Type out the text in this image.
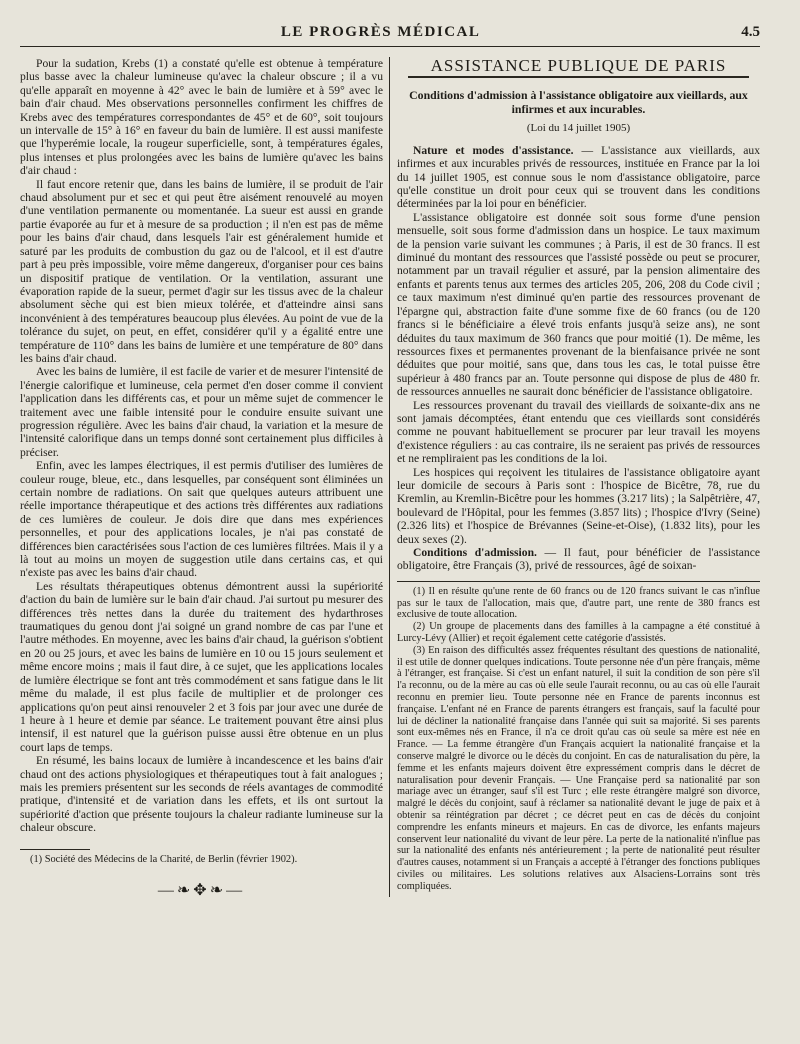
LE PROGRÈS MÉDICAL	4.5

Pour la sudation, Krebs (1) a constaté qu'elle est obtenue à température plus basse avec la chaleur lumineuse qu'avec la chaleur obscure ; il a vu qu'elle apparaît en moyenne à 42° avec le bain de lumière et à 59° avec le bain d'air chaud. Mes observations personnelles confirment les chiffres de Krebs avec des températures correspondantes de 45° et de 60°, soit toujours un intervalle de 15° à 16° en faveur du bain de lumière. Il est aussi manifeste que l'hyperémie locale, la rougeur superficielle, sont, à températures égales, plus intenses et plus prolongées avec les bains de lumière qu'avec les bains d'air chaud :

Il faut encore retenir que, dans les bains de lumière, il se produit de l'air chaud absolument pur et sec et qui peut être aisément renouvelé au moyen d'une ventilation permanente ou momentanée. La sueur est aussi en grande partie évaporée au fur et à mesure de sa production ; il n'en est pas de même pour les bains d'air chaud, dans lesquels l'air est généralement humide et saturé par les produits de combustion du gaz ou de l'alcool, et il est d'autre part à peu près impossible, voire même dangereux, d'organiser pour ces bains un dispositif pratique de ventilation. Or la ventilation, assurant une évaporation rapide de la sueur, permet d'agir sur les tissus avec de la chaleur absolument sèche qui est bien mieux tolérée, et d'atteindre ainsi sans inconvénient à des températures beaucoup plus élevées. Au point de vue de la tolérance du sujet, on peut, en effet, considérer qu'il y a égalité entre une température de 110° dans les bains de lumière et une température de 80° dans les bains d'air chaud.

Avec les bains de lumière, il est facile de varier et de mesurer l'intensité de l'énergie calorifique et lumineuse, cela permet d'en doser comme il convient l'application dans les différents cas, et pour un même sujet de commencer le traitement avec une faible intensité pour le conduire ensuite suivant une progression régulière. Avec les bains d'air chaud, la variation et la mesure de l'intensité calorifique dans un temps donné sont certainement plus difficiles à préciser.

Enfin, avec les lampes électriques, il est permis d'utiliser des lumières de couleur rouge, bleue, etc., dans lesquelles, par conséquent sont éliminées un certain nombre de radiations. On sait que quelques auteurs attribuent une réelle importance thérapeutique et des actions très différentes aux radiations de ces lumières de couleur. Je dois dire que dans mes expériences personnelles, et pour des applications locales, je n'ai pas constaté de différences bien caractérisées sous l'action de ces lumières filtrées. Mais il y a là tout au moins un moyen de suggestion utile dans certains cas, et qui n'existe pas avec les bains d'air chaud.

Les résultats thérapeutiques obtenus démontrent aussi la supériorité d'action du bain de lumière sur le bain d'air chaud. J'ai surtout pu mesurer des différences très nettes dans la durée du traitement des hydarthroses traumatiques du genou dont j'ai soigné un grand nombre de cas par l'une et l'autre méthodes. En moyenne, avec les bains d'air chaud, la guérison s'obtient en 20 ou 25 jours, et avec les bains de lumière en 10 ou 15 jours seulement et même encore moins ; mais il faut dire, à ce sujet, que les applications locales de lumière électrique se font ant très commodément et sans fatigue dans le lit même du malade, il est plus facile de multiplier et de prolonger ces applications qu'on peut ainsi renouveler 2 et 3 fois par jour avec une durée de 1 heure à 1 heure et demie par séance. Le traitement pouvant être ainsi plus intensif, il est naturel que la guérison puisse aussi être obtenue en un plus court laps de temps.

En résumé, les bains locaux de lumière à incandescence et les bains d'air chaud ont des actions physiologiques et thérapeutiques tout à fait analogues ; mais les premiers présentent sur les seconds de réels avantages de commodité pratique, d'intensité et de variation dans les effets, et ils ont surtout la supériorité d'action que présente toujours la chaleur radiante lumineuse sur la chaleur obscure.

(1) Société des Médecins de la Charité, de Berlin (février 1902).

—❧✥❧—
ASSISTANCE PUBLIQUE DE PARIS
Conditions d'admission à l'assistance obligatoire aux vieillards, aux infirmes et aux incurables.
(Loi du 14 juillet 1905)

Nature et modes d'assistance. — L'assistance aux vieillards, aux infirmes et aux incurables privés de ressources, instituée en France par la loi du 14 juillet 1905, est connue sous le nom d'assistance obligatoire, parce qu'elle constitue un droit pour ceux qui se trouvent dans les conditions déterminées par la loi pour en bénéficier.

L'assistance obligatoire est donnée soit sous forme d'une pension mensuelle, soit sous forme d'admission dans un hospice. Le taux maximum de la pension varie suivant les communes ; à Paris, il est de 30 francs. Il est diminué du montant des ressources que l'assisté possède ou peut se procurer, notamment par un travail régulier et assuré, par la pension alimentaire des enfants et parents tenus aux termes des articles 205, 206, 208 du Code civil ; ce taux maximum n'est diminué qu'en partie des ressources provenant de l'épargne qui, abstraction faite d'une somme fixe de 60 francs (ou de 120 francs si le bénéficiaire a élevé trois enfants jusqu'à seize ans), ne sont déduites du taux maximum de 360 francs que pour moitié (1). De même, les ressources fixes et permanentes provenant de la bienfaisance privée ne sont déduites que pour moitié, sans que, dans tous les cas, le total puisse être supérieur à 480 francs par an. Toute personne qui dispose de plus de 480 fr. de ressources annuelles ne saurait donc bénéficier de l'assistance obligatoire.

Les ressources provenant du travail des vieillards de soixante-dix ans ne sont jamais décomptées, étant entendu que ces vieillards sont considérés comme ne pouvant habituellement se procurer par leur travail les moyens d'existence réguliers : au cas contraire, ils ne seraient pas privés de ressources et ne rempliraient pas les conditions de la loi.

Les hospices qui reçoivent les titulaires de l'assistance obligatoire ayant leur domicile de secours à Paris sont : l'hospice de Bicêtre, 78, rue du Kremlin, au Kremlin-Bicêtre pour les hommes (3.217 lits) ; la Salpêtrière, 47, boulevard de l'Hôpital, pour les femmes (3.857 lits) ; l'hospice d'Ivry (Seine) (2.326 lits) et l'hospice de Brévannes (Seine-et-Oise), (1.832 lits), pour les deux sexes (2).

Conditions d'admission. — Il faut, pour bénéficier de l'assistance obligatoire, être Français (3), privé de ressources, âgé de soixan-

(1) Il en résulte qu'une rente de 60 francs ou de 120 francs suivant le cas n'influe pas sur le taux de l'allocation, mais que, d'autre part, une rente de 380 francs est exclusive de toute allocation.

(2) Un groupe de placements dans des familles à la campagne a été constitué à Lurcy-Lévy (Allier) et reçoit également cette catégorie d'assistés.

(3) En raison des difficultés assez fréquentes résultant des questions de nationalité, il est utile de donner quelques indications. Toute personne née d'un père français, même à l'étranger, est française. Si c'est un enfant naturel, il suit la condition de son père s'il l'a reconnu, ou de la mère au cas où elle seule l'aurait reconnu, ou au cas où elle l'aurait reconnu en premier lieu. Toute personne née en France de parents inconnus est française. L'enfant né en France de parents étrangers est français, sauf la faculté pour lui de décliner la nationalité française dans l'année qui suit sa majorité. Si ses parents sont eux-mêmes nés en France, il n'a ce droit qu'au cas où seule sa mère est née en France. — La femme étrangère d'un Français acquiert la nationalité française et la conserve malgré le divorce ou le décès du conjoint. En cas de naturalisation du père, la femme et les enfants majeurs doivent être expressément compris dans le décret de naturalisation pour devenir Français. — Une Française perd sa nationalité par son mariage avec un étranger, sauf s'il est Turc ; elle reste étrangère malgré son divorce, malgré le décès du conjoint, sauf à réclamer sa nationalité devant le juge de paix et à obtenir sa réintégration par décret ; ce décret peut en cas de décès du conjoint comprendre les enfants mineurs et majeurs. En cas de divorce, les enfants majeurs conservent leur nationalité du vivant de leur père. La perte de la nationalité n'influe pas sur la nationalité des enfants nés antérieurement ; la perte de nationalité peut résulter d'autres causes, notamment si un Français a accepté à l'étranger des fonctions publiques civiles ou militaires. Les solutions relatives aux Alsaciens-Lorrains sont très compliquées.
